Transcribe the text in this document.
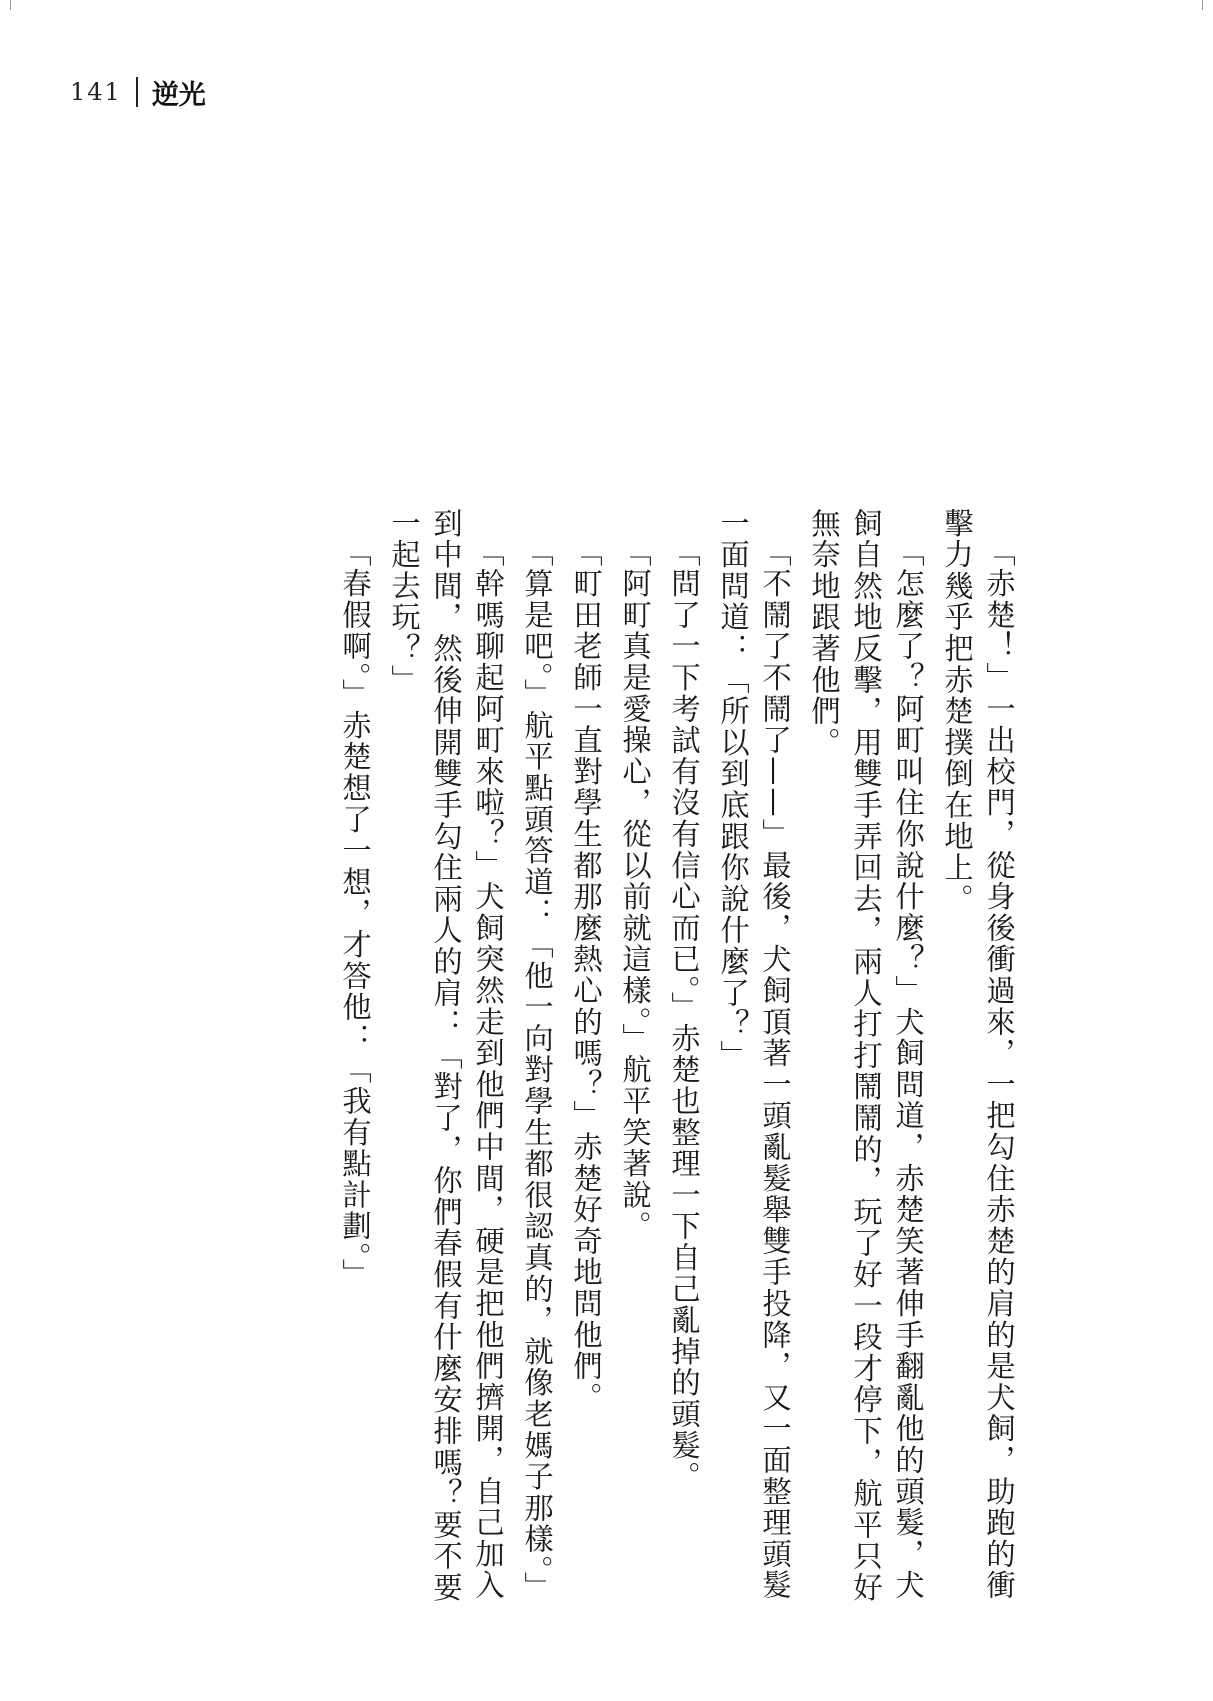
141 逆光

「赤楚！」一出校門，從身後衝過來，一把勾住赤楚的肩的是犬飼，助跑的衝擊力幾乎把赤楚撲倒在地上。

「怎麼了？阿町叫住你說什麼？」犬飼問道，赤楚笑著伸手翻亂他的頭髮，犬飼自然地反擊，用雙手弄回去，兩人打打鬧鬧的，玩了好一段才停下，航平只好無奈地跟著他們。

「不鬧了不鬧了——」最後，犬飼頂著一頭亂髮舉雙手投降，又一面整理頭髮一面問道：「所以到底跟你說什麼了？」

「問了一下考試有沒有信心而已。」赤楚也整理一下自己亂掉的頭髮。

「阿町真是愛操心，從以前就這樣。」航平笑著說。

「町田老師一直對學生都那麼熱心的嗎？」赤楚好奇地問他們。

「算是吧。」航平點頭答道：「他一向對學生都很認真的，就像老媽子那樣。」

「幹嗎聊起阿町來啦？」犬飼突然走到他們中間，硬是把他們擠開，自己加入到中間，然後伸開雙手勾住兩人的肩：「對了，你們春假有什麼安排嗎？要不要一起去玩？」

「春假啊。」赤楚想了一想，才答他：「我有點計劃。」
